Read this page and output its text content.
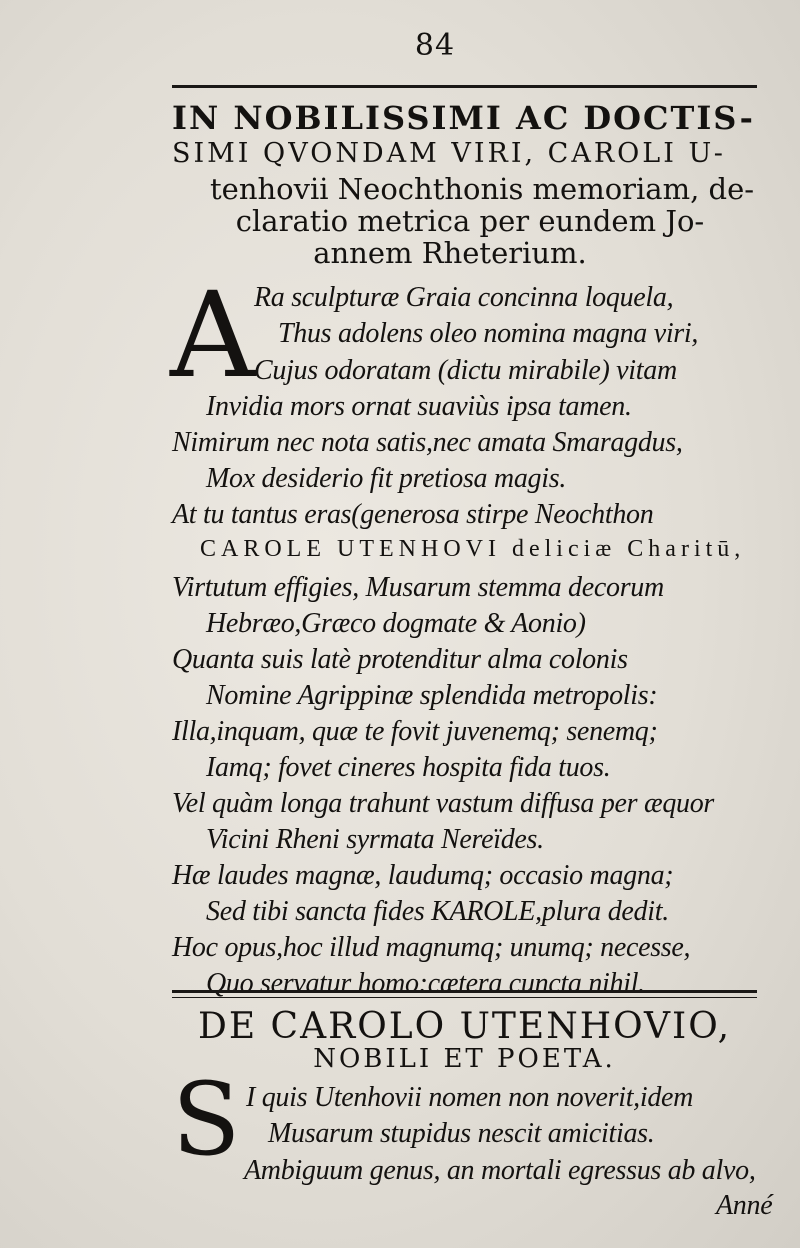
84
IN NOBILISSIMI AC DOCTIS-
SIMI QVONDAM VIRI, CAROLI U-
tenhovii Neochthonis memoriam, de-
claratio metrica per eundem Jo-
annem Rheterium.
A
Ra sculpturæ Graia concinna loquela,
Thus adolens oleo nomina magna viri,
Cujus odoratam (dictu mirabile) vitam
Invidia mors ornat suaviùs ipsa tamen.
Nimirum nec nota satis,nec amata Smaragdus,
Mox desiderio fit pretiosa magis.
At tu tantus eras(generosa stirpe Neochthon
CAROLE UTENHOVI deliciæ Charitū,
Virtutum effigies, Musarum stemma decorum
Hebræo,Græco dogmate & Aonio)
Quanta suis latè protenditur alma colonis
Nomine Agrippinæ splendida metropolis:
Illa,inquam, quæ te fovit juvenemq; senemq;
Iamq; fovet cineres hospita fida tuos.
Vel quàm longa trahunt vastum diffusa per æquor
Vicini Rheni syrmata Nereïdes.
Hæ laudes magnæ, laudumq; occasio magna;
Sed tibi sancta fides KAROLE,plura dedit.
Hoc opus,hoc illud magnumq; unumq; necesse,
Quo servatur homo:cætera cuncta nihil.
DE CAROLO UTENHOVIO,
NOBILI ET POETA.
S I quis Utenhovii nomen non noverit,idem
Musarum stupidus nescit amicitias.
Ambiguum genus, an mortali egressus ab alvo,
Anné
